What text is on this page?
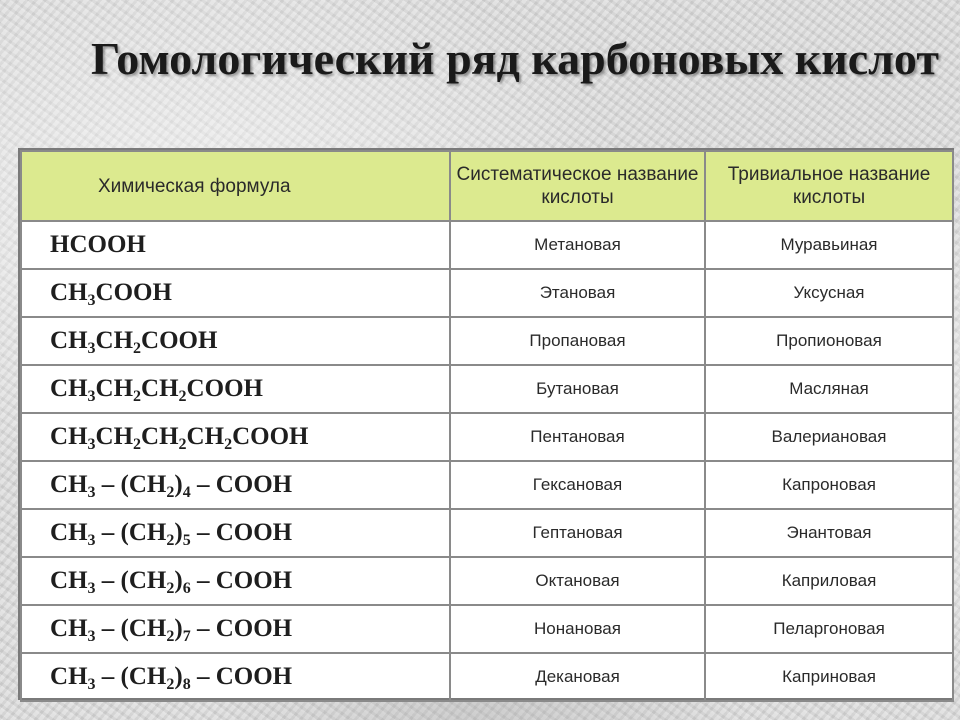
Гомологический ряд карбоновых кислот
Химическая формула	Систематическое название кислоты	Тривиальное название кислоты
HCOOH	Метановая	Муравьиная
$CH_3COOH$	Этановая	Уксусная
$CH_3CH_2COOH$	Пропановая	Пропионовая
$CH_3CH_2CH_2COOH$	Бутановая	Масляная
$CH_3CH_2CH_2CH_2COOH$	Пентановая	Валериановая
$CH_3 - (CH_2)_4$ – COOH	Гексановая	Капроновая
$CH_3 - (CH_2)_5$ – COOH	Гептановая	Энантовая
$CH_3 - (CH_2)_6$ – COOH	Октановая	Каприловая
$CH_3 - (CH_2)_7$ – COOH	Нонановая	Пеларгоновая
$CH_3 - (CH_2)_8$ – COOH	Декановая	Каприновая
